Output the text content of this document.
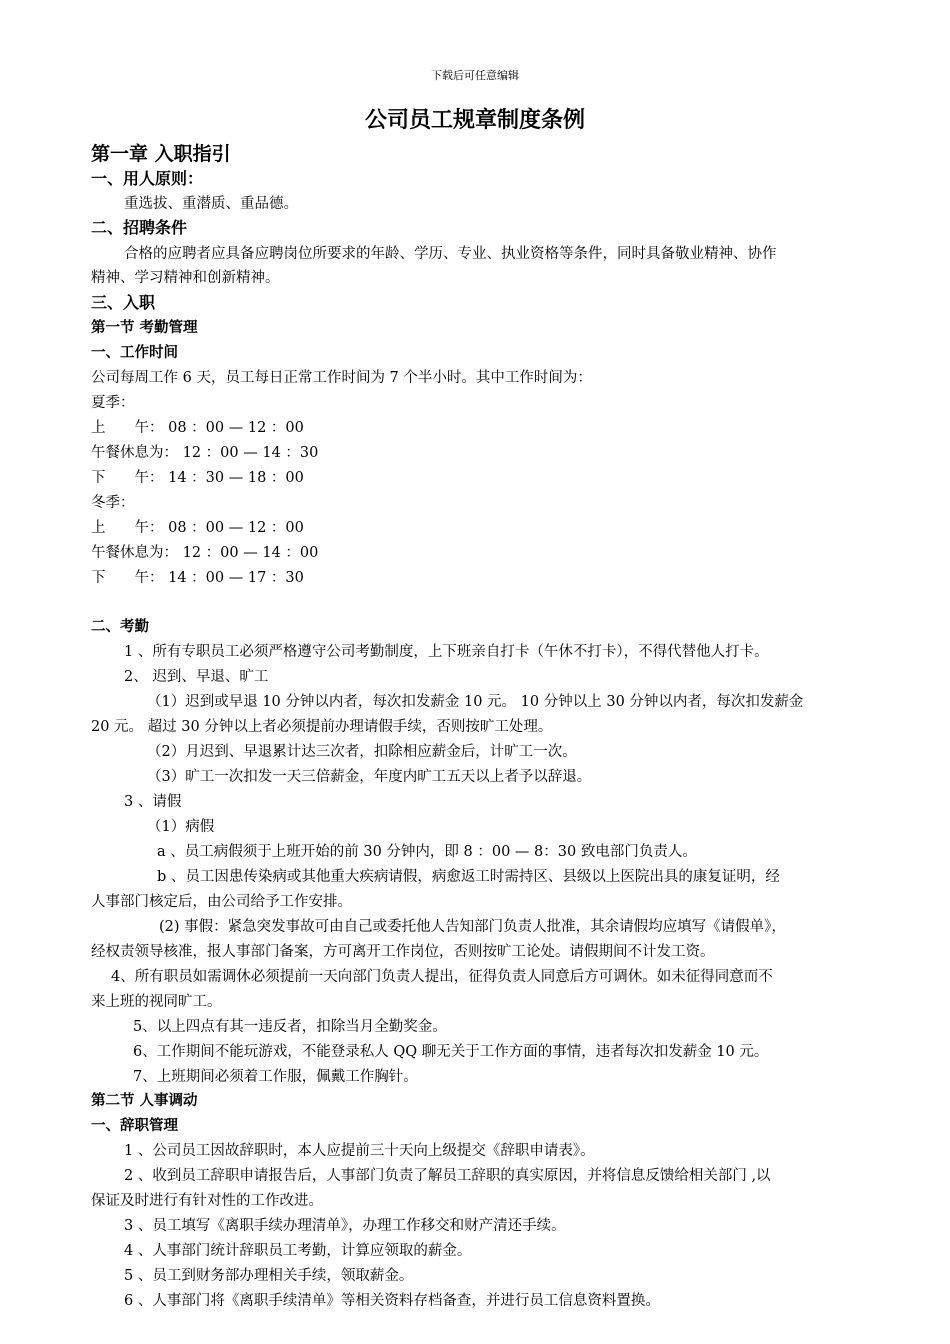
下载后可任意编辑
公司员工规章制度条例
第一章 入职指引
一、用人原则：
重选拔、重潜质、重品德。
二、招聘条件
合格的应聘者应具备应聘岗位所要求的年龄、学历、专业、执业资格等条件，同时具备敬业精神、协作
精神、学习精神和创新精神。
三、入职
第一节 考勤管理
一、工作时间
公司每周工作 6 天，员工每日正常工作时间为 7 个半小时。其中工作时间为：
夏季：
上　　午： 08 ：00 — 12 ：00
午餐休息为： 12 ：00 — 14 ：30
下　　午： 14 ：30 — 18 ：00
冬季：
上　　午： 08 ：00 — 12 ：00
午餐休息为： 12 ：00 — 14 ：00
下　　午： 14 ：00 — 17 ：30
二、考勤
1 、所有专职员工必须严格遵守公司考勤制度，上下班亲自打卡（午休不打卡），不得代替他人打卡。
2、 迟到、早退、旷工
（1）迟到或早退 10 分钟以内者，每次扣发薪金 10 元。 10 分钟以上 30 分钟以内者，每次扣发薪金
20 元。 超过 30 分钟以上者必须提前办理请假手续，否则按旷工处理。
（2）月迟到、早退累计达三次者，扣除相应薪金后，计旷工一次。
（3）旷工一次扣发一天三倍薪金，年度内旷工五天以上者予以辞退。
3 、请假
（1）病假
a 、员工病假须于上班开始的前 30 分钟内，即 8 ：00 — 8：30 致电部门负责人。
b 、员工因患传染病或其他重大疾病请假，病愈返工时需持区、县级以上医院出具的康复证明，经
人事部门核定后，由公司给予工作安排。
(2) 事假：紧急突发事故可由自己或委托他人告知部门负责人批准，其余请假均应填写《请假单》，
经权责领导核准，报人事部门备案，方可离开工作岗位，否则按旷工论处。请假期间不计发工资。
4、所有职员如需调休必须提前一天向部门负责人提出，征得负责人同意后方可调休。如未征得同意而不
来上班的视同旷工。
5、以上四点有其一违反者，扣除当月全勤奖金。
6、工作期间不能玩游戏，不能登录私人 QQ 聊无关于工作方面的事情，违者每次扣发薪金 10 元。
7、上班期间必须着工作服，佩戴工作胸针。
第二节 人事调动
一、辞职管理
1 、公司员工因故辞职时，本人应提前三十天向上级提交《辞职申请表》。
2 、收到员工辞职申请报告后，人事部门负责了解员工辞职的真实原因，并将信息反馈给相关部门 ,以
保证及时进行有针对性的工作改进。
3 、员工填写《离职手续办理清单》，办理工作移交和财产清还手续。
4 、人事部门统计辞职员工考勤，计算应领取的薪金。
5 、员工到财务部办理相关手续，领取薪金。
6 、人事部门将《离职手续清单》等相关资料存档备查，并进行员工信息资料置换。
